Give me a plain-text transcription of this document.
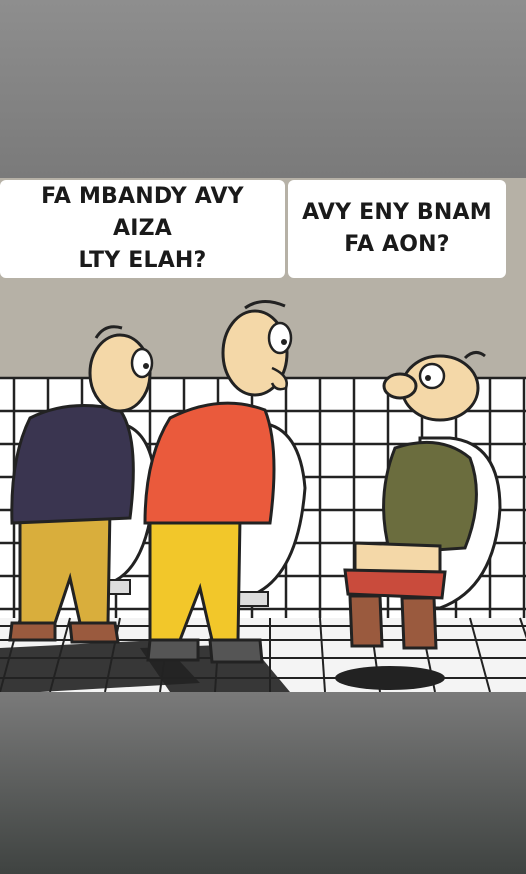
FA MBANDY AVY AIZA
LTY ELAH?
AVY ENY BNAM
FA AON?
